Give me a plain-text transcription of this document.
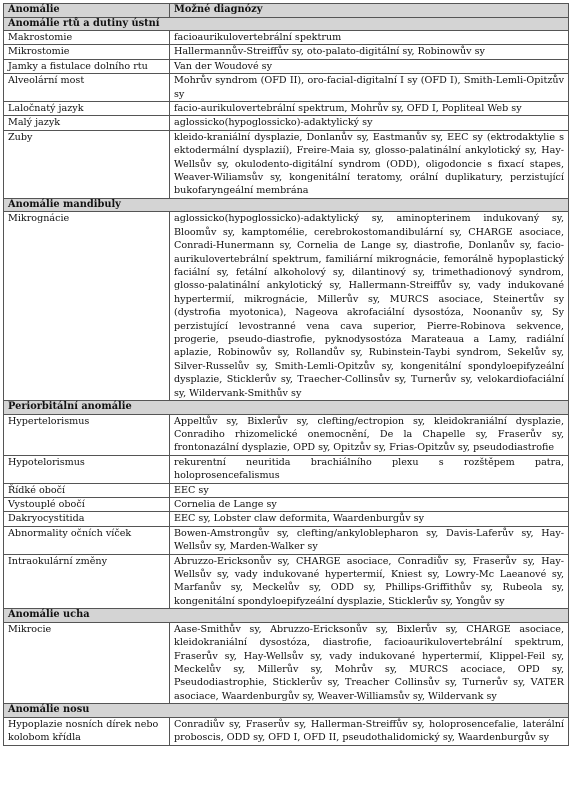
Anomálie	Možné diagnózy
Anomálie rtů a dutiny ústní	
Makrostomie	facioaurikulovertebrální spektrum
Mikrostomie	Hallermannův-Streiffův sy, oto-palato-digitální sy, Robinowův sy
Jamky a fistulace dolního rtu	Van der Woudové sy
Alveolární most	Mohrův syndrom (OFD II), oro-facial-digitalní I sy (OFD I), Smith-Lemli-Opitzův sy
Laločnatý jazyk	facio-aurikulovertebrální spektrum, Mohrův sy, OFD I, Popliteal Web sy
Malý jazyk	aglossicko(hypoglossicko)-adaktylický sy
Zuby	kleido-kraniální dysplazie, Donlanův sy, Eastmanův sy, EEC sy (ektrodaktylie s ektodermální dysplazií), Freire-Maia sy, glosso-palatinální ankylotický sy, Hay-Wellsův sy, okulodento-digitální syndrom (ODD), oligodoncie s fixací stapes, Weaver-Wiliamsův sy, kongenitální teratomy, orální duplikatury, perzistující bukofaryngeální membrána
Anomálie mandibuly	
Mikrognácie	aglossicko(hypoglossicko)-adaktylický sy, aminopterinem indukovaný sy, Bloomův sy, kamptomélie, cerebrokostomandibulární sy, CHARGE asociace, Conradi-Hunermann sy, Cornelia de Lange sy, diastrofie, Donlanův sy, facio-aurikulovertebrální spektrum, familiární mikrognácie, femorálně hypoplastický faciální sy, fetální alkoholový sy, dilantinový sy, trimethadionový syndrom, glosso-palatinální ankylotický sy, Hallermann-Streiffův sy, vady indukované hypertermií, mikrognácie, Millerův sy, MURCS asociace, Steinertův sy (dystrofia myotonica), Nageova akrofaciální dysostóza, Noonanův sy, Sy perzistující levostranné vena cava superior, Pierre-Robinova sekvence, progerie, pseudo-diastrofie, pyknodysostóza Marateaua a Lamy, radiální aplazie, Robinowův sy, Rollandův sy, Rubinstein-Taybi syndrom, Sekelův sy, Silver-Russelův sy, Smith-Lemli-Opitzův sy, kongenitální spondyloepifyzeální dysplazie, Sticklerův sy, Traecher-Collinsův sy, Turnerův sy, velokardiofaciální sy, Wildervank-Smithův sy
Periorbitální anomálie	
Hypertelorismus	Appeltův sy, Bixlerův sy, clefting/ectropion sy, kleidokraniální dysplazie, Conradiho rhizomelické onemocnění, De la Chapelle sy, Fraserův sy, frontonazální dysplazie, OPD sy, Opitzův sy, Frias-Opitzův sy, pseudodiastrofie
Hypotelorismus	rekurentní neuritida brachiálního plexu s rozštěpem patra, holoprosencefalismus
Řídké obočí	EEC sy
Vystouplé obočí	Cornelia de Lange sy
Dakryocystitida	EEC sy, Lobster claw deformita, Waardenburgův sy
Abnormality očních víček	Bowen-Amstrongův sy, clefting/ankyloblepharon sy, Davis-Laferův sy, Hay-Wellsův sy, Marden-Walker sy
Intraokulární změny	Abruzzo-Ericksonův sy, CHARGE asociace, Conradiův sy, Fraserův sy, Hay-Wellsův sy, vady indukované hypertermií, Kniest sy, Lowry-Mc Laeanové sy, Marfanův sy, Meckelův sy, ODD sy, Phillips-Griffithův sy, Rubeola sy, kongenitální spondyloepifyzeální dysplazie, Sticklerův sy, Yongův sy
Anomálie ucha	
Mikrocie	Aase-Smithův sy, Abruzzo-Ericksonův sy, Bixlerův sy, CHARGE asociace, kleidokraniální dysostóza, diastrofie, facioaurikulovertebrální spektrum, Fraserův sy, Hay-Wellsův sy, vady indukované hypertermií, Klippel-Feil sy, Meckelův sy, Millerův sy, Mohrův sy, MURCS acociace, OPD sy, Pseudodiastrophie, Sticklerův sy, Treacher Collinsův sy, Turnerův sy, VATER asociace, Waardenburgův sy, Weaver-Williamsův sy, Wildervank sy
Anomálie nosu	
Hypoplazie nosních dírek nebo kolobom křídla	Conradiův sy, Fraserův sy, Hallerman-Streiffův sy, holoprosencefalie, laterální proboscis, ODD sy, OFD I, OFD II, pseudothalidomický sy, Waardenburgův sy
